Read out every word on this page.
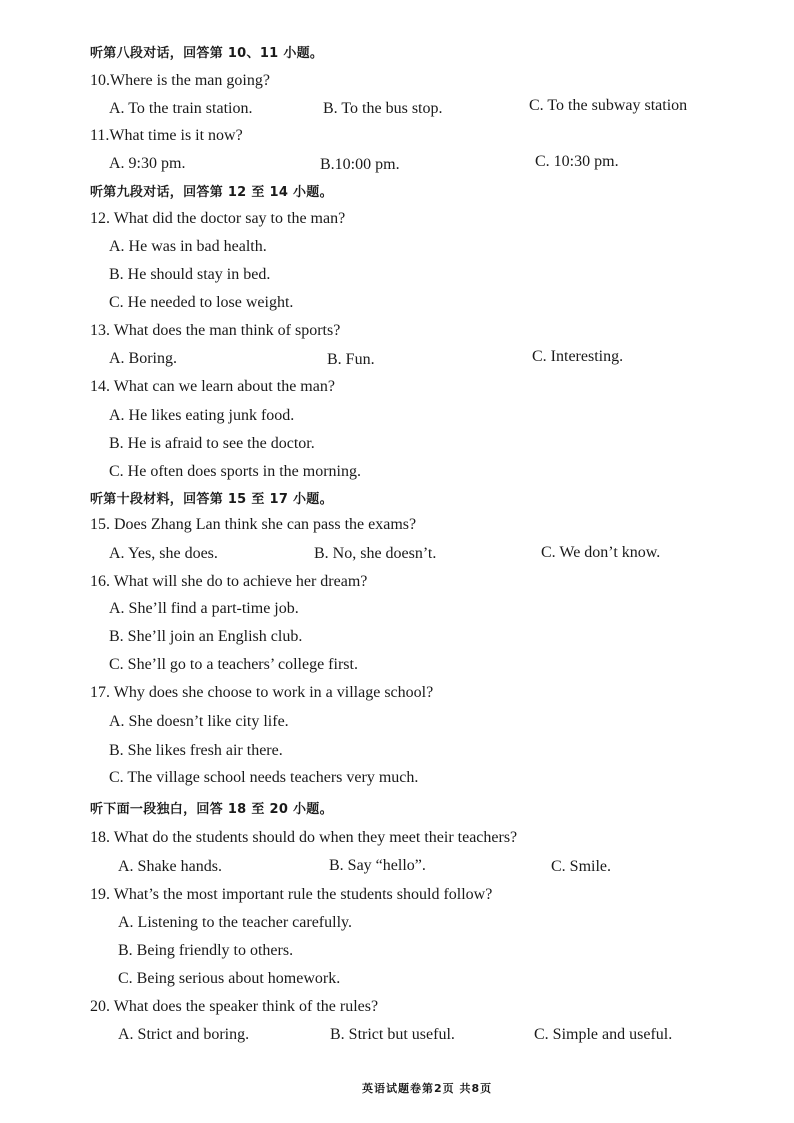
听第八段对话，回答第 10、11 小题。
10.Where is the man going?
A. To the train station.	B. To the bus stop.	C. To the subway station
11.What time is it now?
A. 9:30 pm.	B.10:00 pm.	C. 10:30 pm.
听第九段对话，回答第 12 至 14 小题。
12. What did the doctor say to the man?
A. He was in bad health.
B. He should stay in bed.
C. He needed to lose weight.
13. What does the man think of sports?
A. Boring.	B. Fun.	C. Interesting.
14. What can we learn about the man?
A. He likes eating junk food.
B. He is afraid to see the doctor.
C. He often does sports in the morning.
听第十段材料，回答第 15 至 17 小题。
15. Does Zhang Lan think she can pass the exams?
A. Yes, she does.	B. No, she doesn’t.	C. We don’t know.
16. What will she do to achieve her dream?
A. She’ll find a part-time job.
B. She’ll join an English club.
C. She’ll go to a teachers’ college first.
17. Why does she choose to work in a village school?
A. She doesn’t like city life.
B. She likes fresh air there.
C. The village school needs teachers very much.
听下面一段独白，回答 18 至 20 小题。
18. What do the students should do when they meet their teachers?
A. Shake hands.	B. Say “hello”.	C. Smile.
19. What’s the most important rule the students should follow?
A. Listening to the teacher carefully.
B. Being friendly to others.
C. Being serious about homework.
20. What does the speaker think of the rules?
A. Strict and boring.	B. Strict but useful.	C. Simple and useful.
英语试题卷第2页 共8页
